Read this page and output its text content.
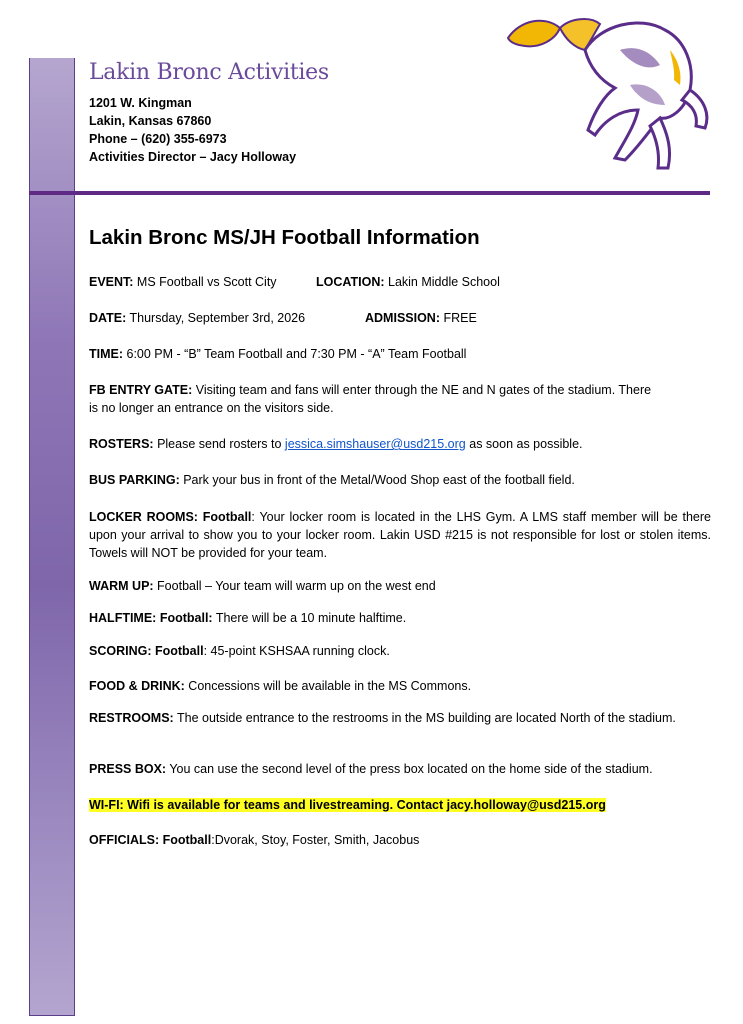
Lakin Bronc Activities
1201 W. Kingman
Lakin, Kansas 67860
Phone – (620) 355-6973
Activities Director – Jacy Holloway
Lakin Bronc MS/JH Football Information
EVENT: MS Football vs Scott City	LOCATION: Lakin Middle School
DATE: Thursday, September 3rd, 2026	ADMISSION: FREE
TIME: 6:00 PM - “B” Team Football and 7:30 PM - “A” Team Football
FB ENTRY GATE: Visiting team and fans will enter through the NE and N gates of the stadium. There
is no longer an entrance on the visitors side.
ROSTERS: Please send rosters to jessica.simshauser@usd215.org as soon as possible.
BUS PARKING: Park your bus in front of the Metal/Wood Shop east of the football field.
LOCKER ROOMS: Football: Your locker room is located in the LHS Gym. A LMS staff member will be there upon your arrival to show you to your locker room. Lakin USD #215 is not responsible for lost or stolen items. Towels will NOT be provided for your team.
WARM UP: Football – Your team will warm up on the west end
HALFTIME: Football: There will be a 10 minute halftime.
SCORING: Football: 45-point KSHSAA running clock.
FOOD & DRINK: Concessions will be available in the MS Commons.
RESTROOMS: The outside entrance to the restrooms in the MS building are located North of the stadium.
PRESS BOX: You can use the second level of the press box located on the home side of the stadium.
WI-FI: Wifi is available for teams and livestreaming. Contact jacy.holloway@usd215.org
OFFICIALS: Football:Dvorak, Stoy, Foster, Smith, Jacobus
